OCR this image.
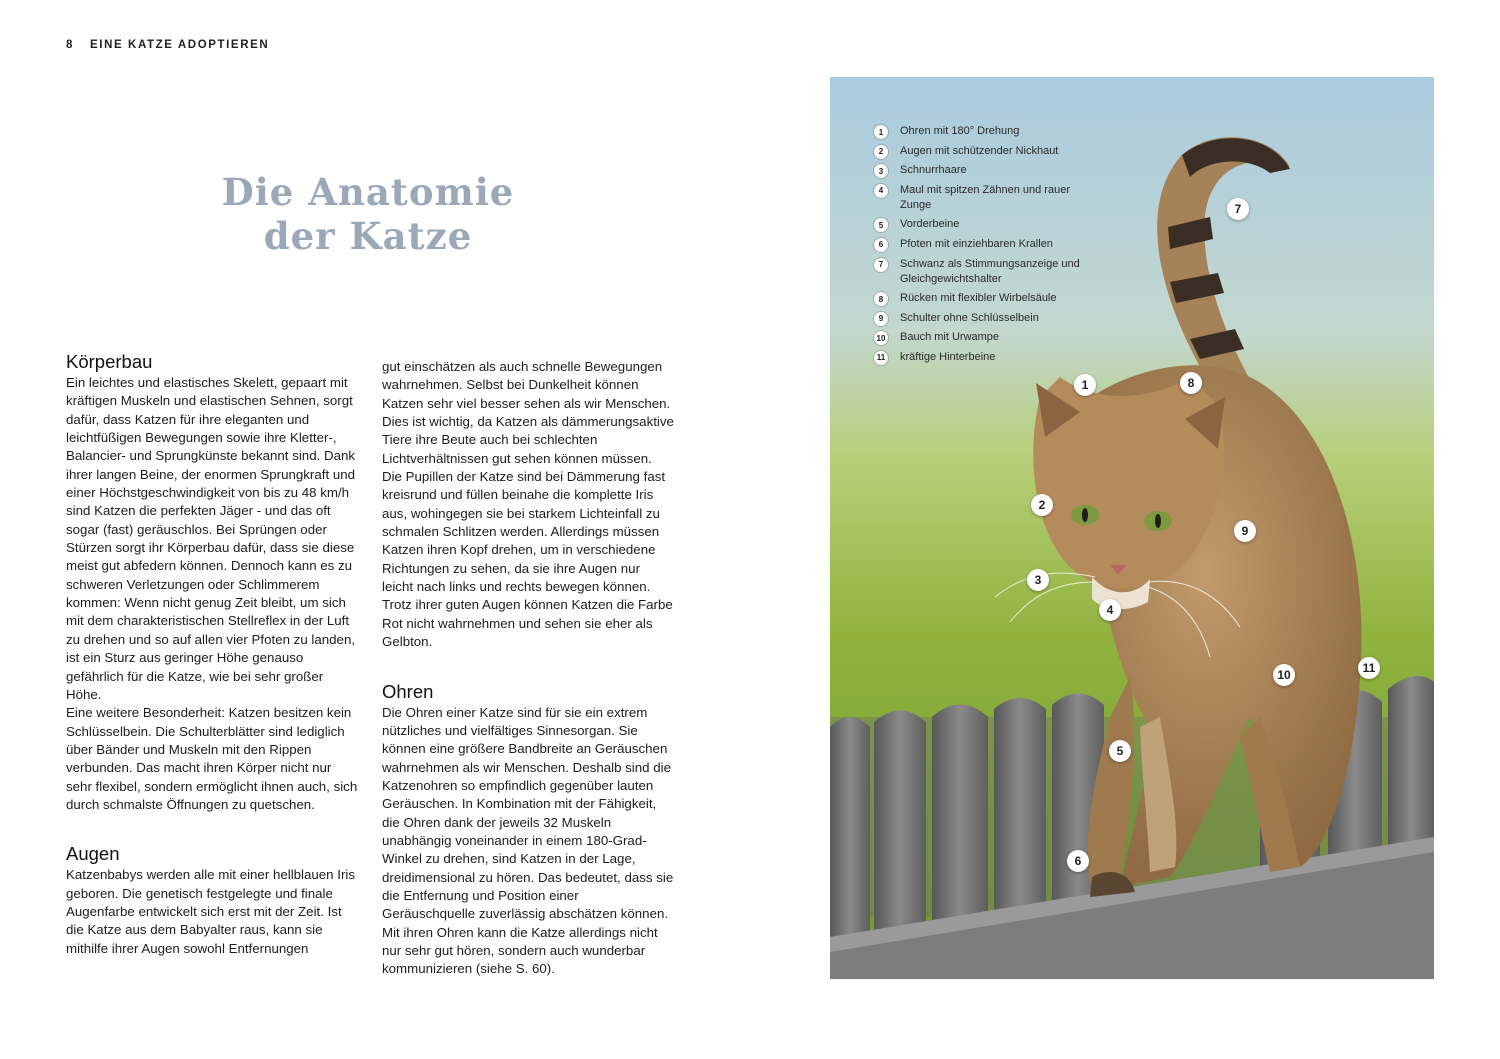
8 EINE KATZE ADOPTIEREN
Die Anatomie
der Katze
Körperbau

Ein leichtes und elastisches Skelett, gepaart mit kräftigen Muskeln und elastischen Sehnen, sorgt dafür, dass Katzen für ihre eleganten und leichtfüßigen Bewegungen sowie ihre Kletter-, Balancier- und Sprungkünste bekannt sind. Dank ihrer langen Beine, der enormen Sprungkraft und einer Höchstgeschwindigkeit von bis zu 48 km/h sind Katzen die perfekten Jäger - und das oft sogar (fast) geräuschlos. Bei Sprüngen oder Stürzen sorgt ihr Körperbau dafür, dass sie diese meist gut abfedern können. Dennoch kann es zu schweren Verletzungen oder Schlimmerem kommen: Wenn nicht genug Zeit bleibt, um sich mit dem charakteristischen Stellreflex in der Luft zu drehen und so auf allen vier Pfoten zu landen, ist ein Sturz aus geringer Höhe genauso gefährlich für die Katze, wie bei sehr großer Höhe.

Eine weitere Besonderheit: Katzen besitzen kein Schlüsselbein. Die Schulterblätter sind lediglich über Bänder und Muskeln mit den Rippen verbunden. Das macht ihren Körper nicht nur sehr flexibel, sondern ermöglicht ihnen auch, sich durch schmalste Öffnungen zu quetschen.

Augen

Katzenbabys werden alle mit einer hellblauen Iris geboren. Die genetisch festgelegte und finale Augenfarbe entwickelt sich erst mit der Zeit. Ist die Katze aus dem Babyalter raus, kann sie mithilfe ihrer Augen sowohl Entfernungen

gut einschätzen als auch schnelle Bewegungen wahrnehmen. Selbst bei Dunkelheit können Katzen sehr viel besser sehen als wir Menschen. Dies ist wichtig, da Katzen als dämmerungsaktive Tiere ihre Beute auch bei schlechten Lichtverhältnissen gut sehen können müssen. Die Pupillen der Katze sind bei Dämmerung fast kreisrund und füllen beinahe die komplette Iris aus, wohingegen sie bei starkem Lichteinfall zu schmalen Schlitzen werden. Allerdings müssen Katzen ihren Kopf drehen, um in verschiedene Richtungen zu sehen, da sie ihre Augen nur leicht nach links und rechts bewegen können. Trotz ihrer guten Augen können Katzen die Farbe Rot nicht wahrnehmen und sehen sie eher als Gelbton.

Ohren

Die Ohren einer Katze sind für sie ein extrem nützliches und vielfältiges Sinnesorgan. Sie können eine größere Bandbreite an Geräuschen wahrnehmen als wir Menschen. Deshalb sind die Katzenohren so empfindlich gegenüber lauten Geräuschen. In Kombination mit der Fähigkeit, die Ohren dank der jeweils 32 Muskeln unabhängig voneinander in einem 180-Grad-Winkel zu drehen, sind Katzen in der Lage, dreidimensional zu hören. Das bedeutet, dass sie die Entfernung und Position einer Geräuschquelle zuverlässig abschätzen können. Mit ihren Ohren kann die Katze allerdings nicht nur sehr gut hören, sondern auch wunderbar kommunizieren (siehe S. 60).

1
2
3
4
5
6
7
8
9
10	11
1	Ohren mit 180° Drehung
2	Augen mit schützender Nickhaut
3	Schnurrhaare
4	Maul mit spitzen Zähnen und rauer Zunge
5	Vorderbeine
6	Pfoten mit einziehbaren Krallen
7	Schwanz als Stimmungsanzeige und Gleichgewichtshalter
8	Rücken mit flexibler Wirbelsäule
9	Schulter ohne Schlüsselbein
10 Bauch mit Urwampe
11 kräftige Hinterbeine
